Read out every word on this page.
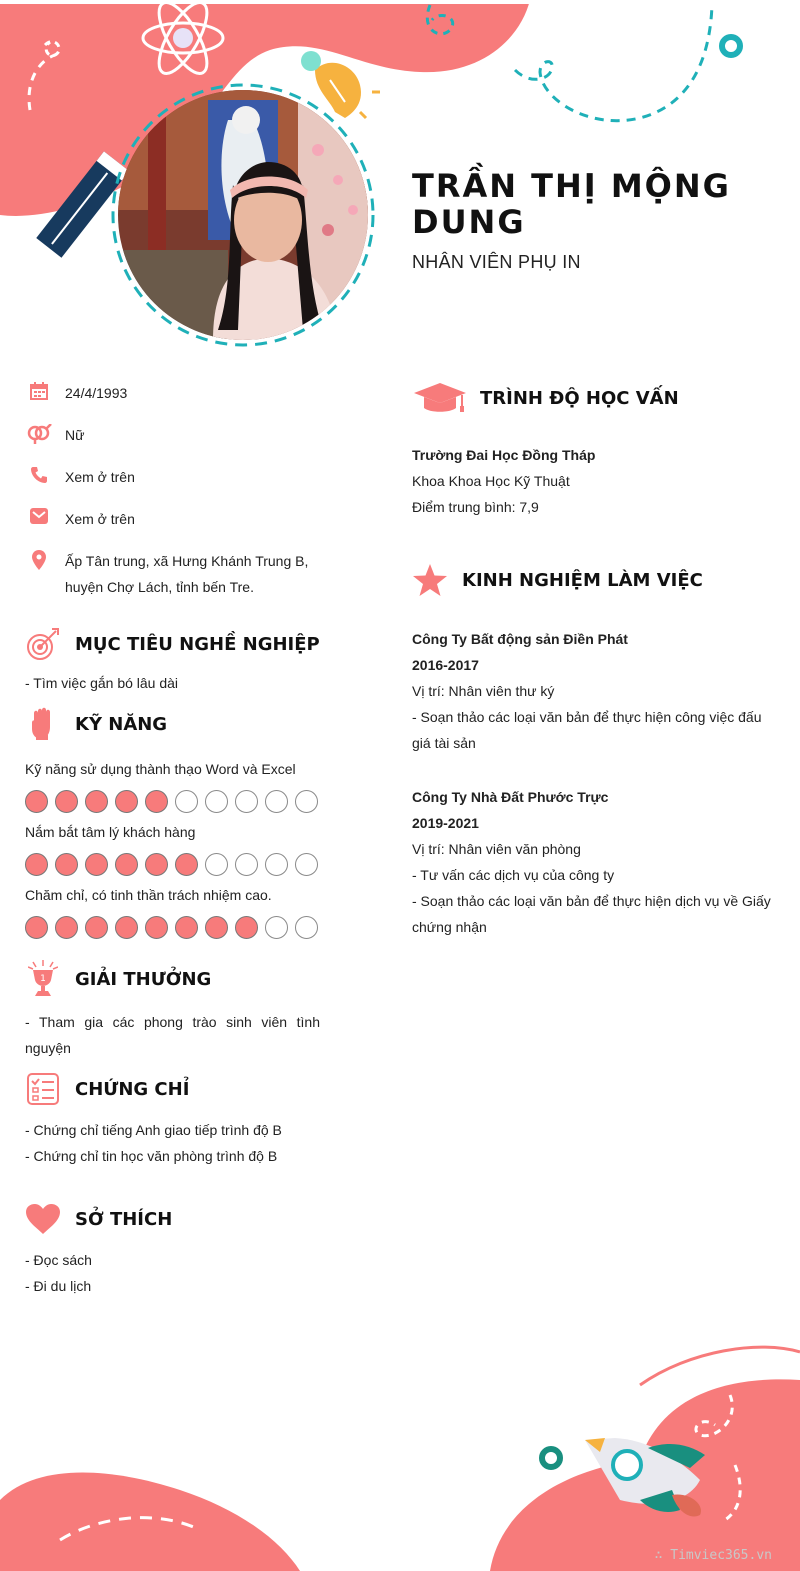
TRẦN THỊ MỘNG DUNG
NHÂN VIÊN PHỤ IN
24/4/1993
Nữ
Xem ở trên
Xem ở trên
Ấp Tân trung, xã Hưng Khánh Trung B, huyện Chợ Lách, tỉnh bến Tre.
MỤC TIÊU NGHỀ NGHIỆP
- Tìm việc gắn bó lâu dài
KỸ NĂNG
Kỹ năng sử dụng thành thạo Word và Excel
Nắm bắt tâm lý khách hàng
Chăm chỉ, có tinh thần trách nhiệm cao.
1 GIẢI THƯỞNG
- Tham gia các phong trào sinh viên tình nguyện
CHỨNG CHỈ
- Chứng chỉ tiếng Anh giao tiếp trình độ B
- Chứng chỉ tin học văn phòng trình độ B
SỞ THÍCH
- Đọc sách
- Đi du lịch
TRÌNH ĐỘ HỌC VẤN
Trường Đai Học Đồng Tháp
Khoa Khoa Học Kỹ Thuật
Điểm trung bình: 7,9
KINH NGHIỆM LÀM VIỆC
Công Ty Bất động sản Điền Phát
2016-2017
Vị trí: Nhân viên thư ký
- Soạn thảo các loại văn bản để thực hiện công việc đấu giá tài sản
Công Ty Nhà Đất Phước Trực
2019-2021
Vị trí: Nhân viên văn phòng
- Tư vấn các dịch vụ của công ty
- Soạn thảo các loại văn bản để thực hiện dịch vụ về Giấy chứng nhận
∴ Timviec365.vn
